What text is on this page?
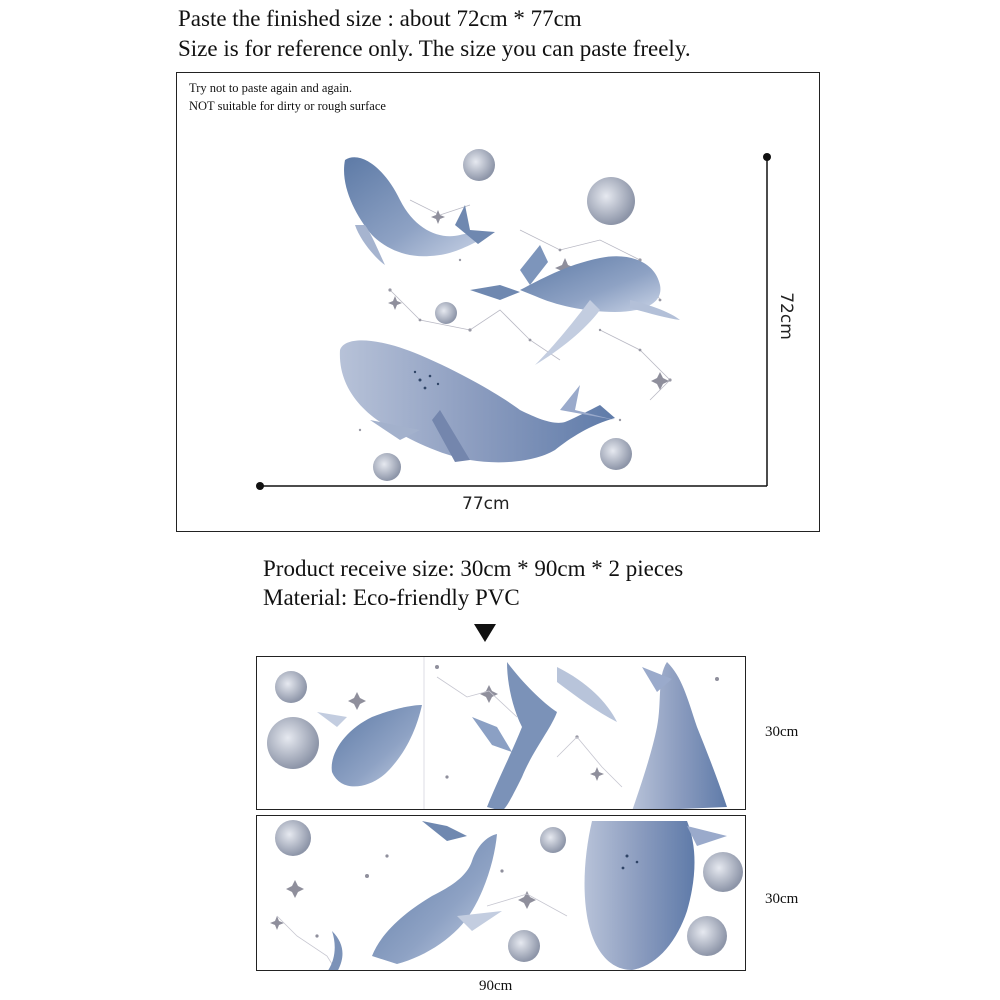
Paste the finished size : about 72cm * 77cm
Size is for reference only. The size you can paste freely.
Try not to paste again and again.
NOT suitable for dirty or rough surface
72cm
77cm
Product receive size: 30cm * 90cm * 2 pieces
Material: Eco-friendly PVC
30cm
30cm
90cm
